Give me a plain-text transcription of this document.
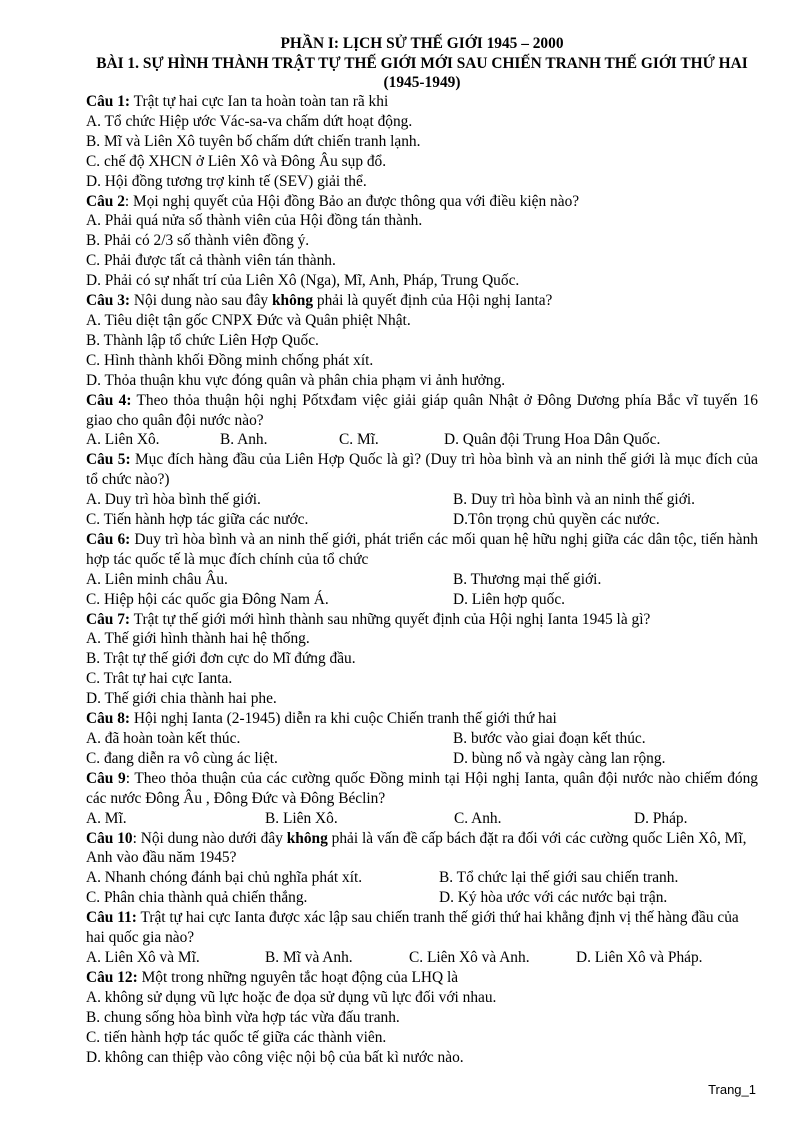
PHẦN I: LỊCH SỬ THẾ GIỚI 1945 – 2000
BÀI 1. SỰ HÌNH THÀNH TRẬT TỰ THẾ GIỚI MỚI SAU CHIẾN TRANH THẾ GIỚI THỨ HAI (1945-1949)
Câu 1: Trật tự hai cực Ian ta hoàn toàn tan rã khi
A. Tổ chức Hiệp ước Vác-sa-va chấm dứt hoạt động.
B. Mĩ và Liên Xô tuyên bố chấm dứt chiến tranh lạnh.
C. chế độ XHCN ở Liên Xô và Đông Âu sụp đổ.
D. Hội đồng tương trợ kinh tế (SEV) giải thể.
Câu 2: Mọi nghị quyết của Hội đồng Bảo an được thông qua với điều kiện nào?
A. Phải quá nửa số thành viên của Hội đồng tán thành.
B. Phải có 2/3 số thành viên đồng ý.
C. Phải được tất cả thành viên tán thành.
D. Phải có sự nhất trí của Liên Xô (Nga), Mĩ, Anh, Pháp, Trung Quốc.
Câu 3: Nội dung nào sau đây không phải là quyết định của Hội nghị Ianta?
A. Tiêu diệt tận gốc CNPX Đức và Quân phiệt Nhật.
B. Thành lập tổ chức Liên Hợp Quốc.
C. Hình thành khối Đồng minh chống phát xít.
D. Thỏa thuận khu vực đóng quân và phân chia phạm vi ảnh hưởng.
Câu 4: Theo thỏa thuận hội nghị Pốtxđam việc giải giáp quân Nhật ở Đông Dương phía Bắc vĩ tuyến 16 giao cho quân đội nước nào?
A. Liên Xô.	B. Anh.	C. Mĩ.	D. Quân đội Trung Hoa Dân Quốc.
Câu 5: Mục đích hàng đầu của Liên Hợp Quốc là gì? (Duy trì hòa bình và an ninh thế giới là mục đích của tổ chức nào?)
A. Duy trì hòa bình thế giới.	B. Duy trì hòa bình và an ninh thế giới.
C. Tiến hành hợp tác giữa các nước.	D.Tôn trọng chủ quyền các nước.
Câu 6: Duy trì hòa bình và an ninh thế giới, phát triển các mối quan hệ hữu nghị giữa các dân tộc, tiến hành hợp tác quốc tế là mục đích chính của tổ chức
A. Liên minh châu Âu.	B. Thương mại thế giới.
C. Hiệp hội các quốc gia Đông Nam Á.	D. Liên hợp quốc.
Câu 7: Trật tự thế giới mới hình thành sau những quyết định của Hội nghị Ianta 1945 là gì?
A. Thế giới hình thành hai hệ thống.
B. Trật tự thế giới đơn cực do Mĩ đứng đầu.
C. Trât tự hai cực Ianta.
D. Thế giới chia thành hai phe.
Câu 8: Hội nghị Ianta (2-1945) diễn ra khi cuộc Chiến tranh thế giới thứ hai
A. đã hoàn toàn kết thúc.	B. bước vào giai đoạn kết thúc.
C. đang diễn ra vô cùng ác liệt.	D. bùng nổ và ngày càng lan rộng.
Câu 9: Theo thỏa thuận của các cường quốc Đồng minh tại Hội nghị Ianta, quân đội nước nào chiếm đóng các nước Đông Âu , Đông Đức và Đông Béclin?
A. Mĩ.	B. Liên Xô.	C. Anh.	D. Pháp.
Câu 10: Nội dung nào dưới đây không phải là vấn đề cấp bách đặt ra đối với các cường quốc Liên Xô, Mĩ, Anh vào đầu năm 1945?
A. Nhanh chóng đánh bại chủ nghĩa phát xít.	B. Tổ chức lại thế giới sau chiến tranh.
C. Phân chia thành quả chiến thắng.	D. Ký hòa ước với các nước bại trận.
Câu 11: Trật tự hai cực Ianta được xác lập sau chiến tranh thế giới thứ hai khẳng định vị thế hàng đầu của hai quốc gia nào?
A. Liên Xô và Mĩ.	B. Mĩ và Anh.	C. Liên Xô và Anh.	D. Liên Xô và Pháp.
Câu 12: Một trong những nguyên tắc hoạt động của LHQ là
A. không sử dụng vũ lực hoặc đe dọa sử dụng vũ lực đối với nhau.
B. chung sống hòa bình vừa hợp tác vừa đấu tranh.
C. tiến hành hợp tác quốc tế giữa các thành viên.
D. không can thiệp vào công việc nội bộ của bất kì nước nào.
Trang_1
